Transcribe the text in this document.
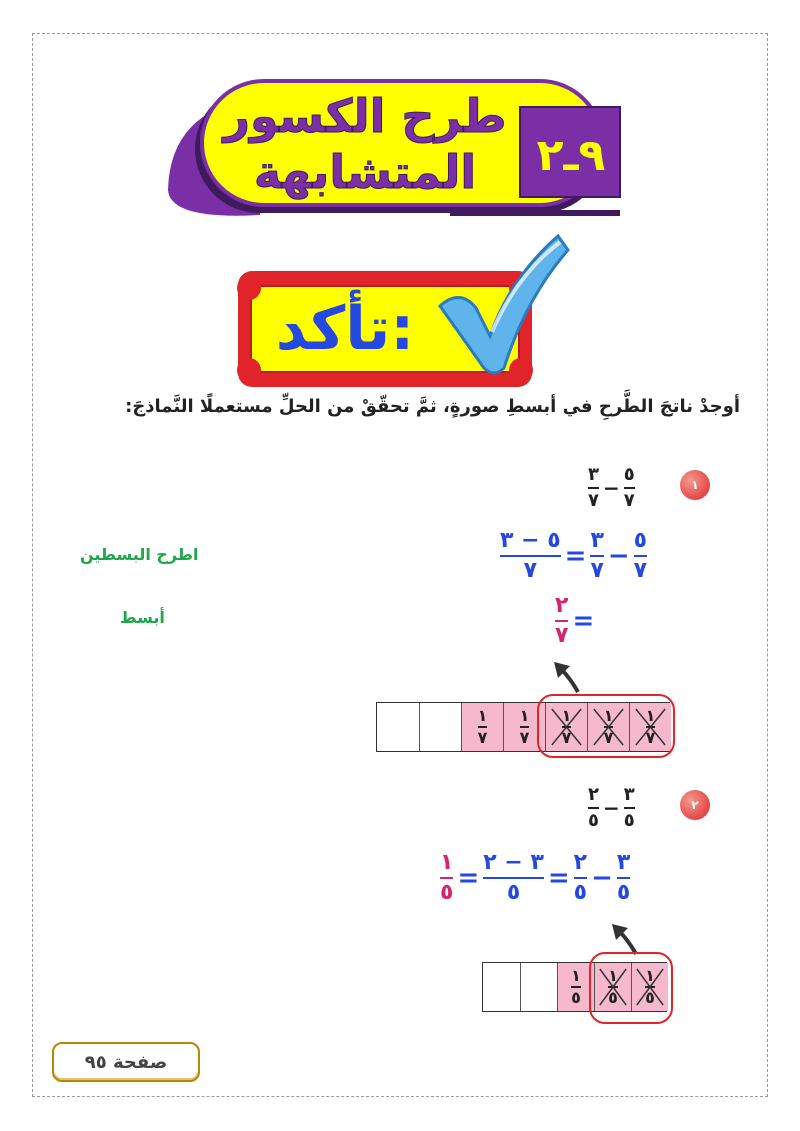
٩ـ٢
طرح الكسور
المتشابهة
تأكد:
أوجدْ ناتجَ الطَّرحِ في أبسطِ صورةٍ، ثمَّ تحقّقْ من الحلِّ مستعملًا النَّماذجَ:
١
$\frac{٣}{٧} - \frac{٥}{٧}$
$\frac{٥ - ٣}{٧} = \frac{٣}{٧} - \frac{٥}{٧}$
اطرح البسطين
$\frac{٢}{٧}$ =
أبسط
$\frac{١}{٧} \frac{١}{٧} \frac{١}{٧} \frac{١}{٧} \frac{١}{٧}$
٢
$\frac{٢}{٥} - \frac{٣}{٥}$
$\frac{١}{٥} = \frac{٣ - ٢}{٥} = \frac{٢}{٥} - \frac{٣}{٥}$
$\frac{١}{٥} \frac{١}{٥} \frac{١}{٥}$
صفحة ٩٥
